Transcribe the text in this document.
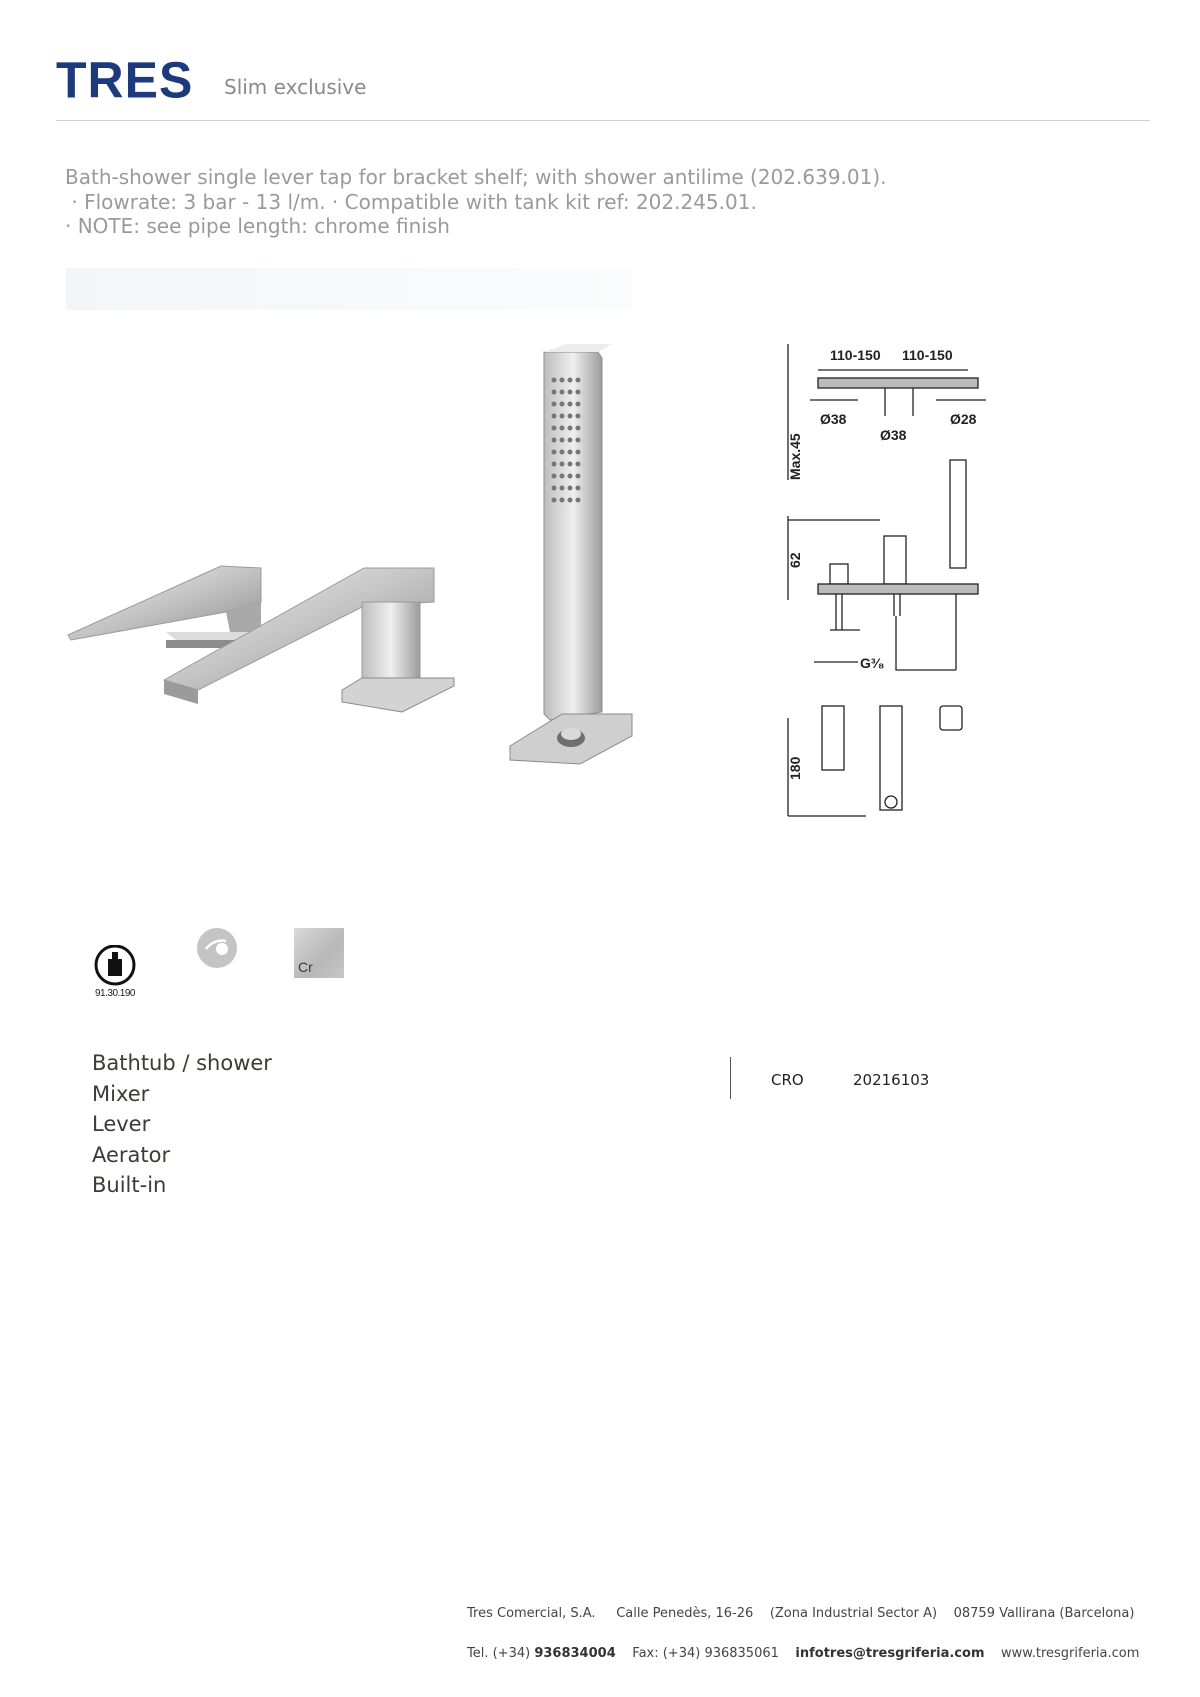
TRES Slim exclusive
Bath-shower single lever tap for bracket shelf; with shower antilime (202.639.01).
· Flowrate: 3 bar - 13 l/m. · Compatible with tank kit ref: 202.245.01.
· NOTE: see pipe length: chrome finish
110-150 110-150
Ø38
Ø38
Ø28
Max.45
62
G³⁄₈
180
91.30.190
Cr
Bathtub / shower
Mixer
Lever
Aerator
Built-in
CRO	20216103

Tres Comercial, S.A. Calle Penedès, 16-26 (Zona Industrial Sector A) 08759 Vallirana (Barcelona)

Tel. (+34) 936834004 Fax: (+34) 936835061 infotres@tresgriferia.com www.tresgriferia.com
